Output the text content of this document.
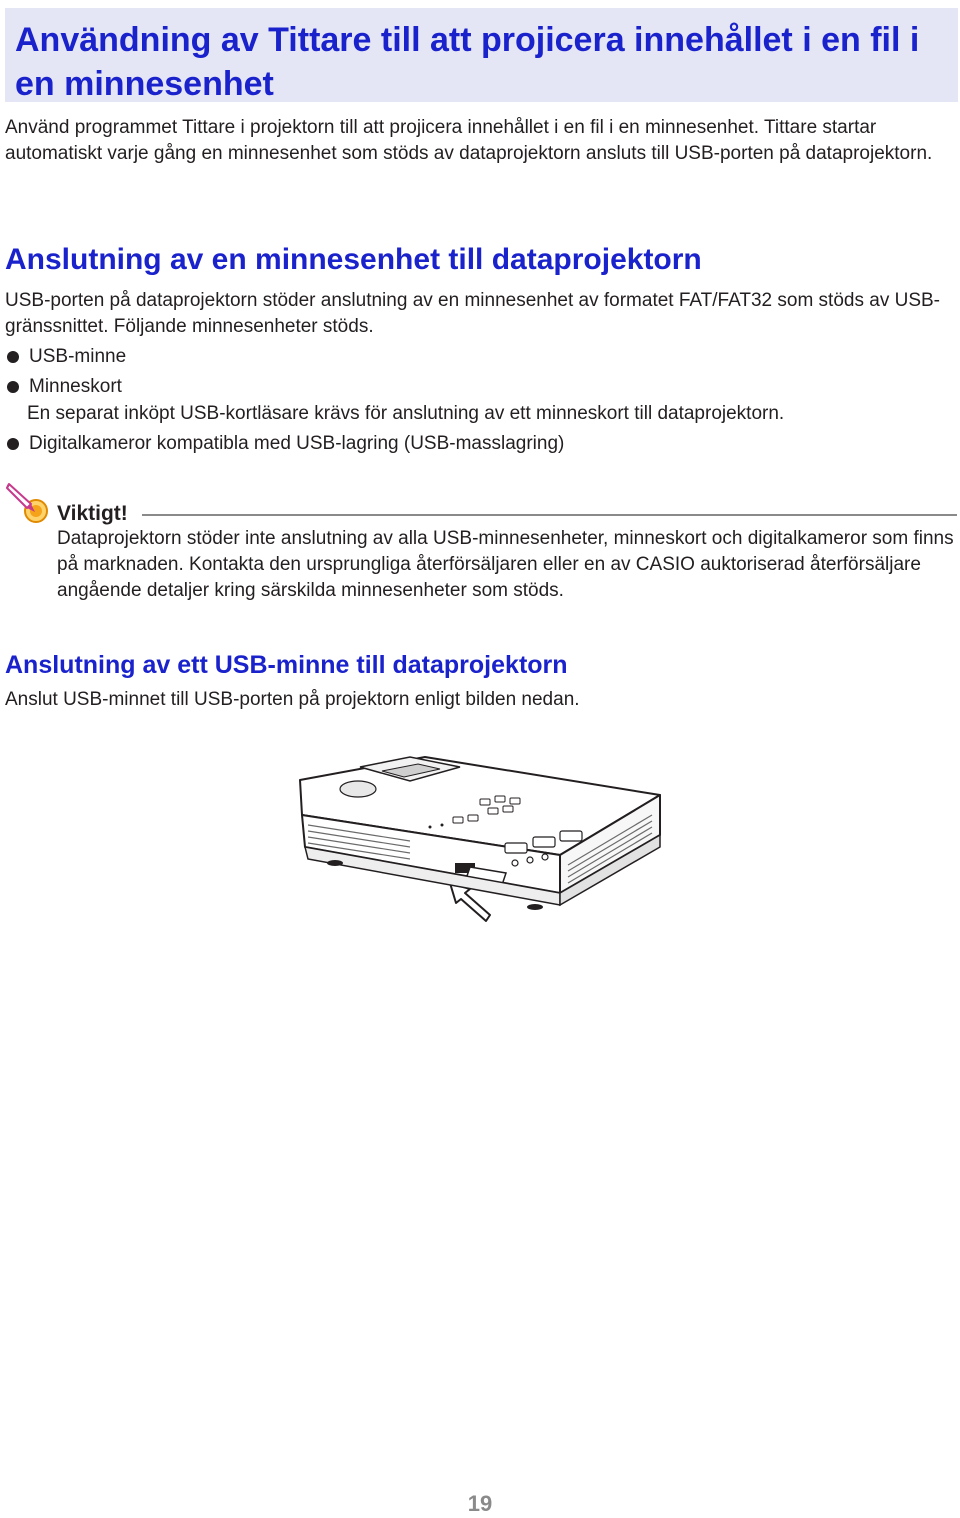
Användning av Tittare till att projicera innehållet i en fil i en minnesenhet

Använd programmet Tittare i projektorn till att projicera innehållet i en fil i en minnesenhet. Tittare startar automatiskt varje gång en minnesenhet som stöds av dataprojektorn ansluts till USB-porten på dataprojektorn.

Anslutning av en minnesenhet till dataprojektorn

USB-porten på dataprojektorn stöder anslutning av en minnesenhet av formatet FAT/FAT32 som stöds av USB-gränssnittet. Följande minnesenheter stöds.

USB-minne
Minneskort
En separat inköpt USB-kortläsare krävs för anslutning av ett minneskort till dataprojektorn.
Digitalkameror kompatibla med USB-lagring (USB-masslagring)
Viktigt!

Dataprojektorn stöder inte anslutning av alla USB-minnesenheter, minneskort och digitalkameror som finns på marknaden. Kontakta den ursprungliga återförsäljaren eller en av CASIO auktoriserad återförsäljare angående detaljer kring särskilda minnesenheter som stöds.

Anslutning av ett USB-minne till dataprojektorn

Anslut USB-minnet till USB-porten på projektorn enligt bilden nedan.

19
